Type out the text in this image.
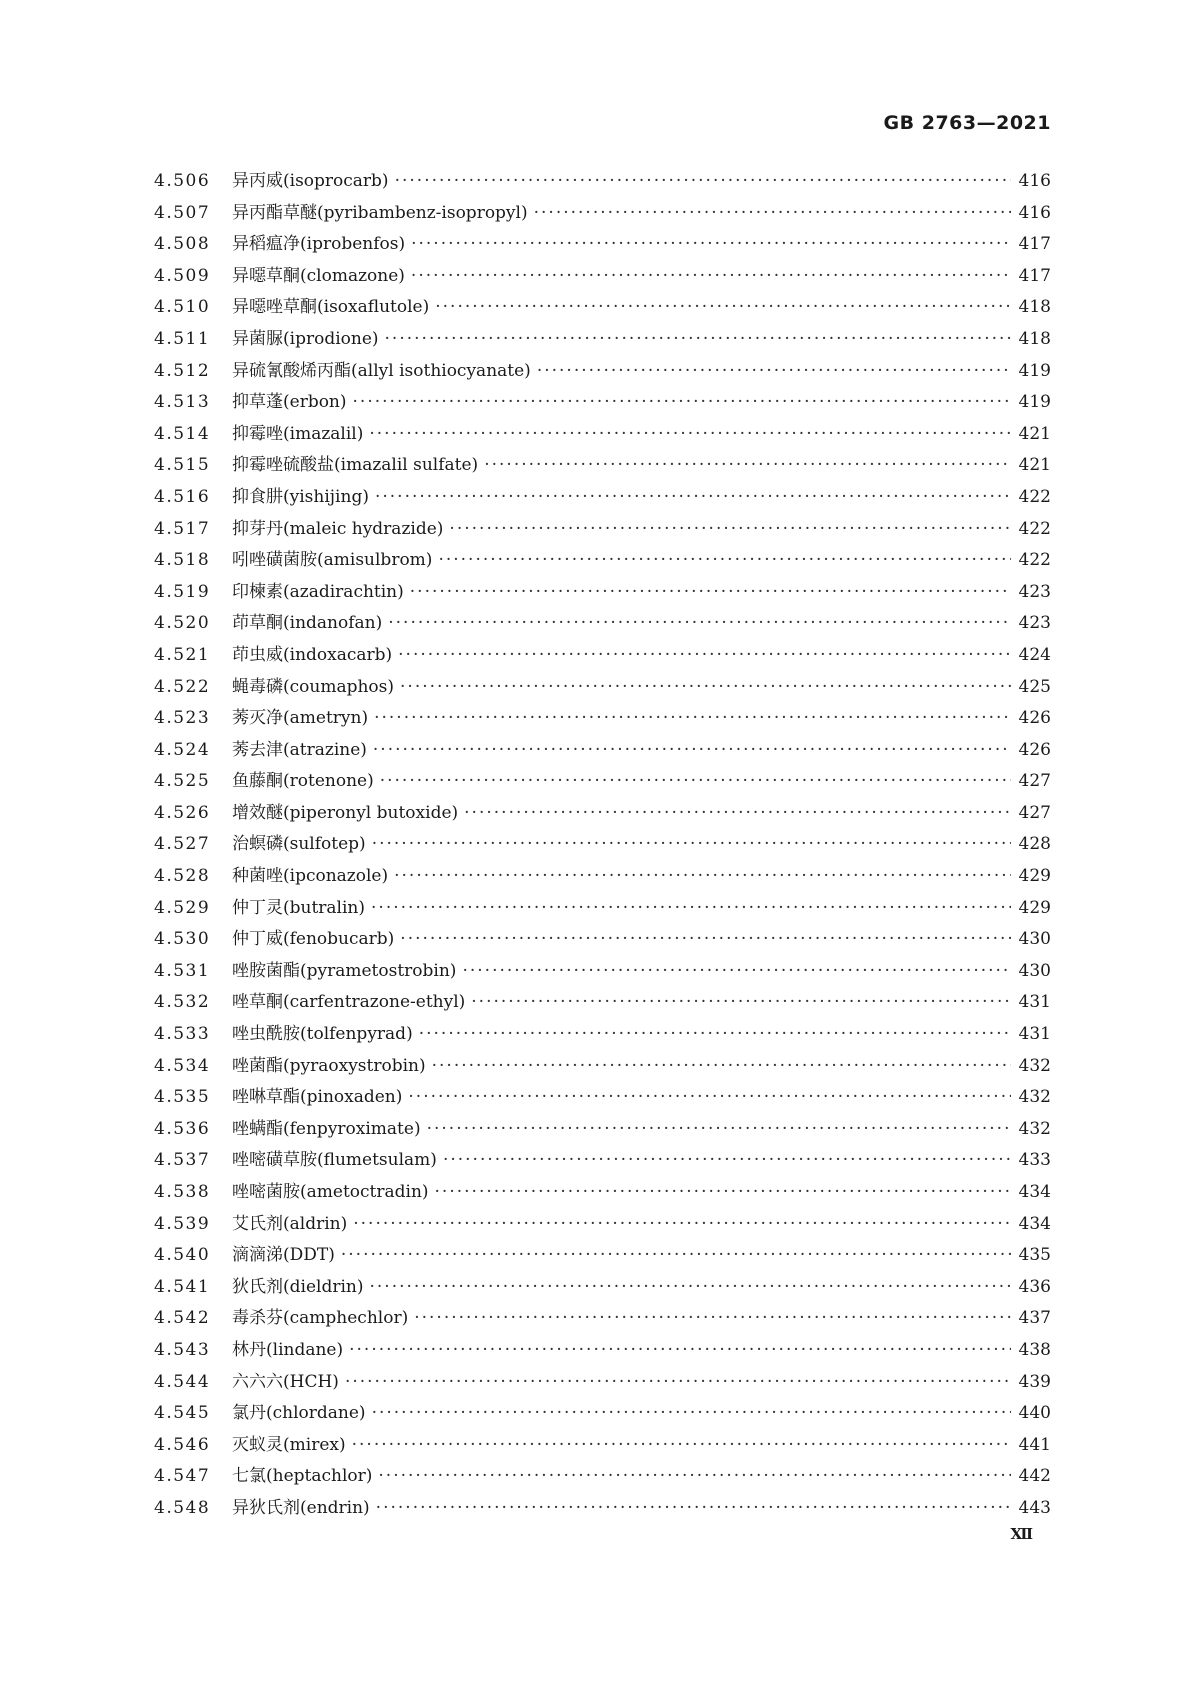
GB 2763—2021
4.506	异丙威(isoprocarb) ·····	416
4.507	异丙酯草醚(pyribambenz-isopropyl) ·····	416
4.508	异稻瘟净(iprobenfos) ·····	417
4.509	异噁草酮(clomazone) ·····	417
4.510	异噁唑草酮(isoxaflutole) ·····	418
4.511	异菌脲(iprodione) ·····	418
4.512	异硫氰酸烯丙酯(allyl isothiocyanate) ·····	419
4.513	抑草蓬(erbon) ·····	419
4.514	抑霉唑(imazalil) ·····	421
4.515	抑霉唑硫酸盐(imazalil sulfate) ·····	421
4.516	抑食肼(yishijing) ·····	422
4.517	抑芽丹(maleic hydrazide) ·····	422
4.518	吲唑磺菌胺(amisulbrom) ·····	422
4.519	印楝素(azadirachtin) ·····	423
4.520	茚草酮(indanofan) ·····	423
4.521	茚虫威(indoxacarb) ·····	424
4.522	蝇毒磷(coumaphos) ·····	425
4.523	莠灭净(ametryn) ·····	426
4.524	莠去津(atrazine) ·····	426
4.525	鱼藤酮(rotenone) ·····	427
4.526	增效醚(piperonyl butoxide) ·····	427
4.527	治螟磷(sulfotep) ·····	428
4.528	种菌唑(ipconazole) ·····	429
4.529	仲丁灵(butralin) ·····	429
4.530	仲丁威(fenobucarb) ·····	430
4.531	唑胺菌酯(pyrametostrobin) ·····	430
4.532	唑草酮(carfentrazone-ethyl) ·····	431
4.533	唑虫酰胺(tolfenpyrad) ·····	431
4.534	唑菌酯(pyraoxystrobin) ·····	432
4.535	唑啉草酯(pinoxaden) ·····	432
4.536	唑螨酯(fenpyroximate) ·····	432
4.537	唑嘧磺草胺(flumetsulam) ·····	433
4.538	唑嘧菌胺(ametoctradin) ·····	434
4.539	艾氏剂(aldrin) ·····	434
4.540	滴滴涕(DDT) ·····	435
4.541	狄氏剂(dieldrin) ·····	436
4.542	毒杀芬(camphechlor) ·····	437
4.543	林丹(lindane) ·····	438
4.544	六六六(HCH) ·····	439
4.545	氯丹(chlordane) ·····	440
4.546	灭蚁灵(mirex) ·····	441
4.547	七氯(heptachlor) ·····	442
4.548	异狄氏剂(endrin) ·····	443
Ⅻ
